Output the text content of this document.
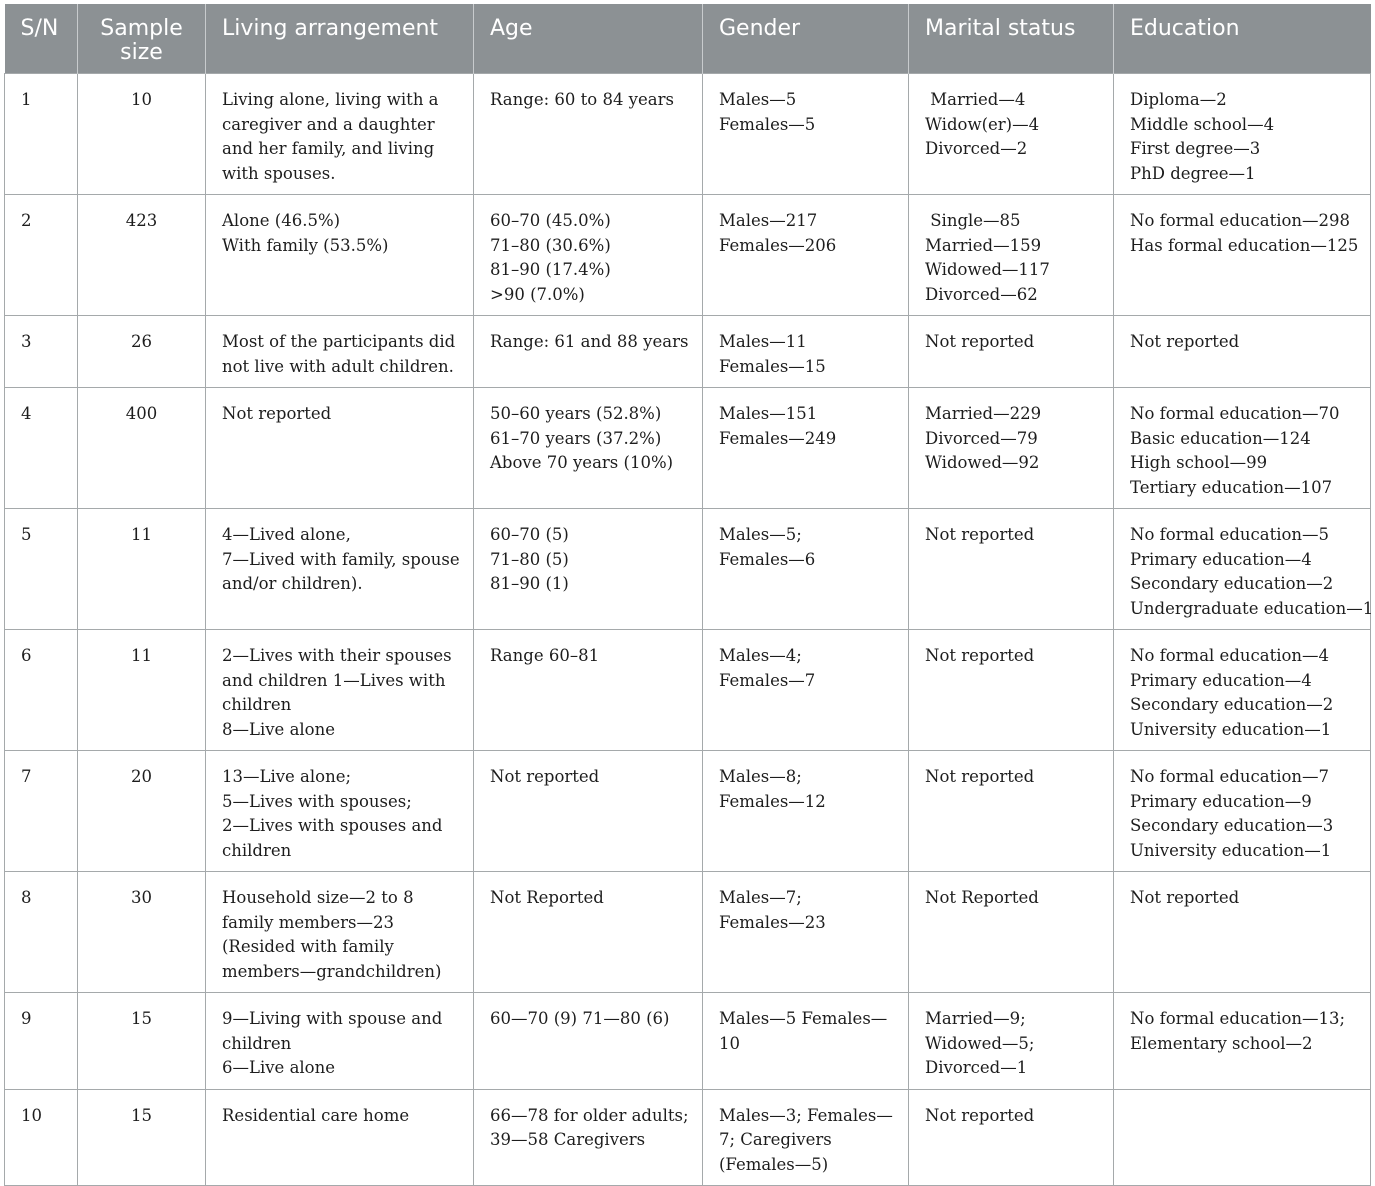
S/N	Sample size	Living arrangement	Age	Gender	Marital status	Education
1	10	Living alone, living with a caregiver and a daughter and her family, and living with spouses.	Range: 60 to 84 years	Males—5
Females—5	Married—4
Widow(er)—4
Divorced—2	Diploma—2
Middle school—4
First degree—3
PhD degree—1

2	423	Alone (46.5%)
With family (53.5%)	60–70 (45.0%)
71–80 (30.6%)
81–90 (17.4%)
>90 (7.0%)	Males—217
Females—206	Single—85
Married—159
Widowed—117
Divorced—62	No formal education—298
Has formal education—125

3	26	Most of the participants did not live with adult children.	Range: 61 and 88 years	Males—11
Females—15	Not reported	Not reported

4	400	Not reported	50–60 years (52.8%)
61–70 years (37.2%)
Above 70 years (10%)	Males—151
Females—249	Married—229
Divorced—79
Widowed—92	No formal education—70
Basic education—124
High school—99
Tertiary education—107

5	11	4—Lived alone,
7—Lived with family, spouse and/or children).	60–70 (5)
71–80 (5)
81–90 (1)	Males—5;
Females—6	Not reported	No formal education—5
Primary education—4
Secondary education—2
Undergraduate education—1

6	11	2—Lives with their spouses and children 1—Lives with children
8—Live alone	Range 60–81	Males—4;
Females—7	Not reported	No formal education—4
Primary education—4
Secondary education—2
University education—1

7	20	13—Live alone;
5—Lives with spouses;
2—Lives with spouses and children	Not reported	Males—8;
Females—12	Not reported	No formal education—7
Primary education—9
Secondary education—3
University education—1

8	30	Household size—2 to 8 family members—23 (Resided with family members—grandchildren)	Not Reported	Males—7;
Females—23	Not Reported	Not reported

9	15	9—Living with spouse and children
6—Live alone	60—70 (9) 71—80 (6)	Males—5 Females—10	Married—9;
Widowed—5;
Divorced—1	No formal education—13;
Elementary school—2

10	15	Residential care home	66—78 for older adults;
39—58 Caregivers	Males—3; Females—7; Caregivers (Females—5)	Not reported	
